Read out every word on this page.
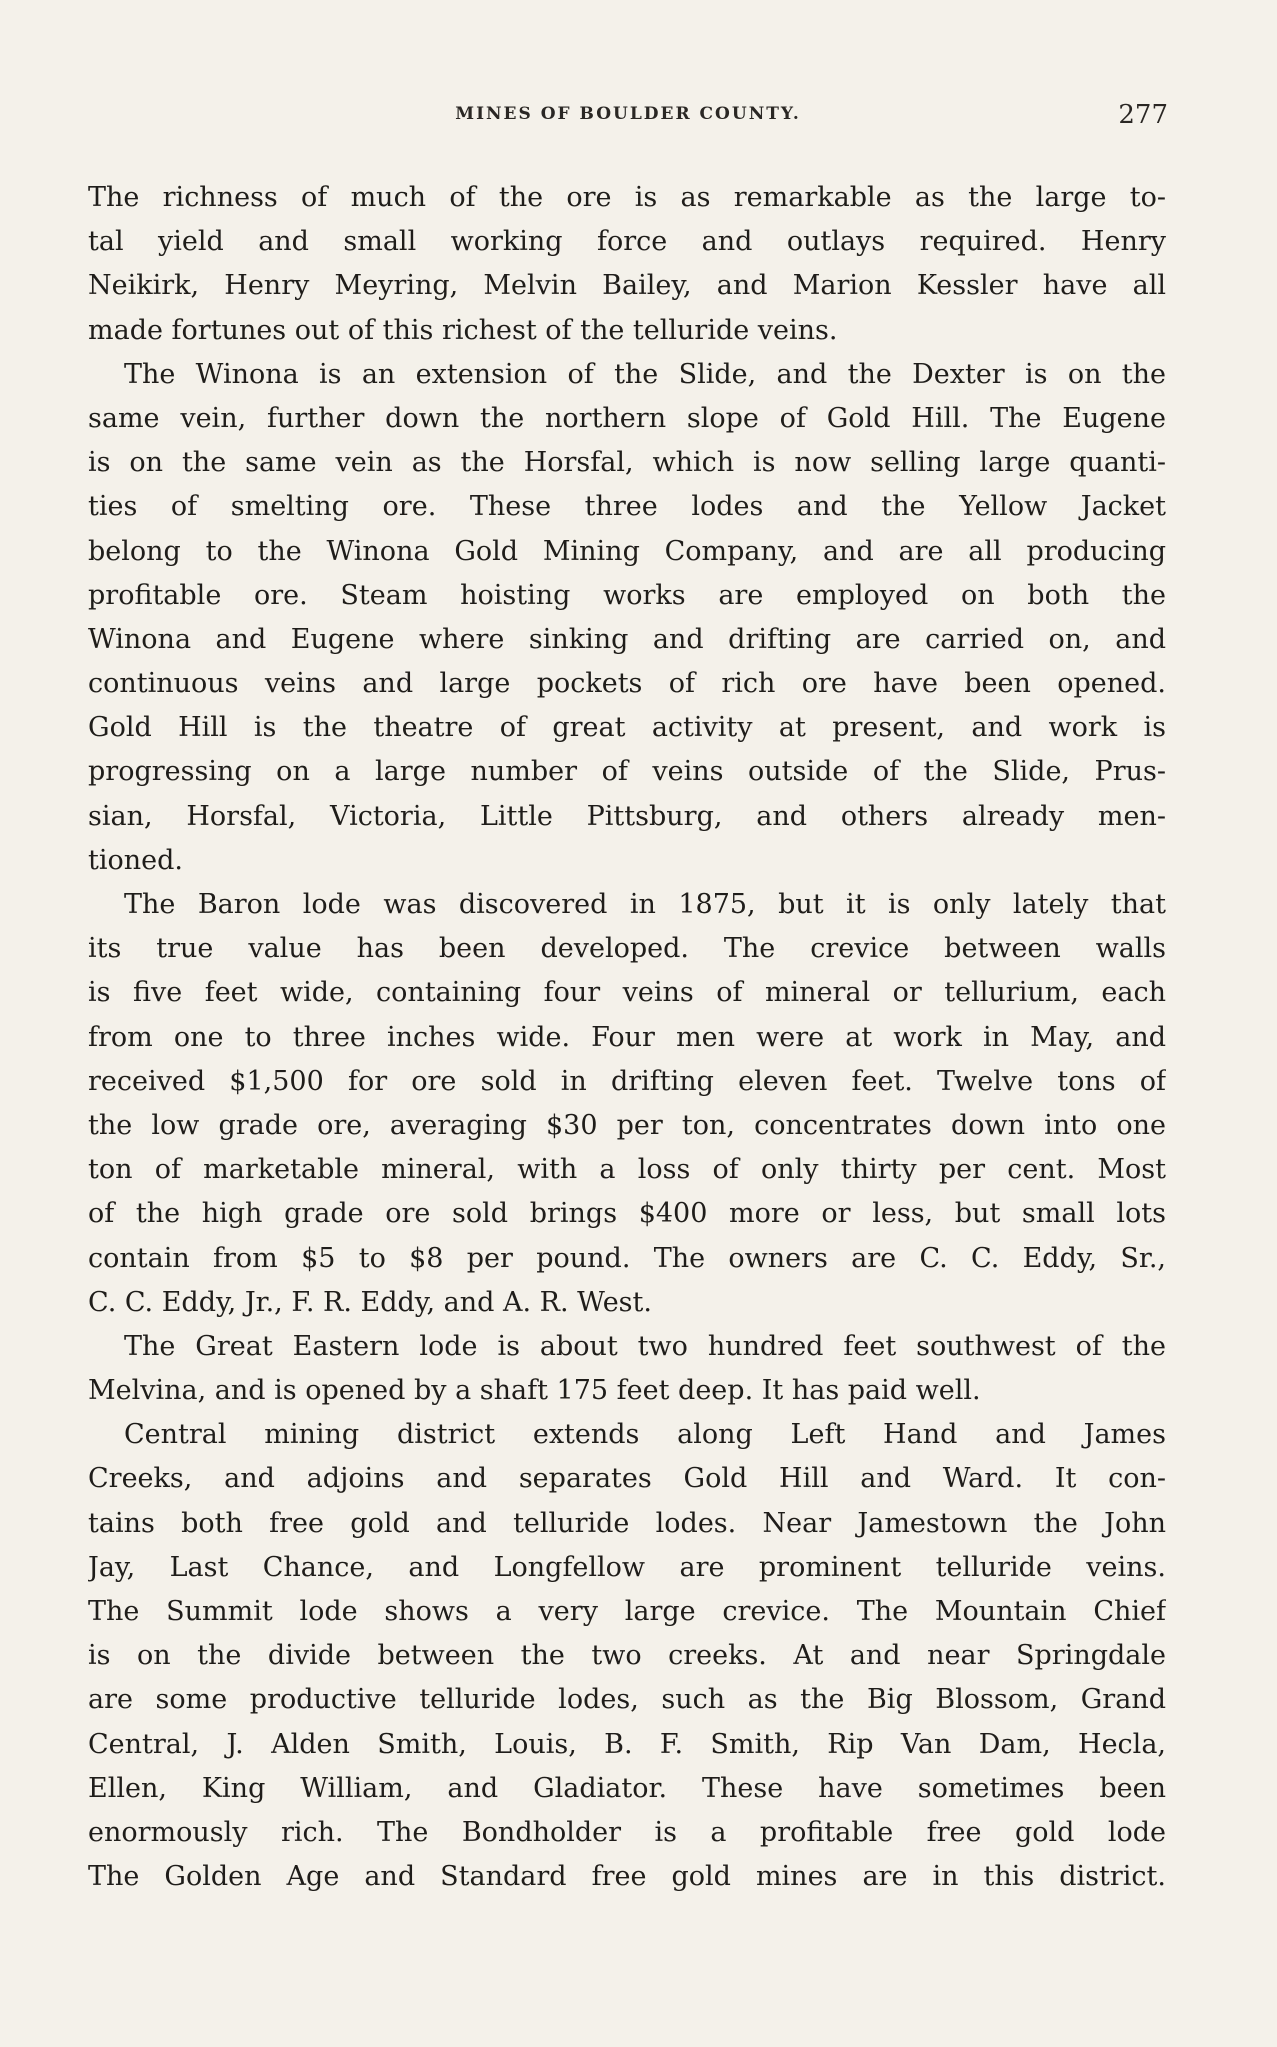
MINES OF BOULDER COUNTY.	277
The richness of much of the ore is as remarkable as the large to-
tal yield and small working force and outlays required. Henry
Neikirk, Henry Meyring, Melvin Bailey, and Marion Kessler have all
made fortunes out of this richest of the telluride veins.
The Winona is an extension of the Slide, and the Dexter is on the
same vein, further down the northern slope of Gold Hill. The Eugene
is on the same vein as the Horsfal, which is now selling large quanti-
ties of smelting ore. These three lodes and the Yellow Jacket
belong to the Winona Gold Mining Company, and are all producing
profitable ore. Steam hoisting works are employed on both the
Winona and Eugene where sinking and drifting are carried on, and
continuous veins and large pockets of rich ore have been opened.
Gold Hill is the theatre of great activity at present, and work is
progressing on a large number of veins outside of the Slide, Prus-
sian, Horsfal, Victoria, Little Pittsburg, and others already men-
tioned.
The Baron lode was discovered in 1875, but it is only lately that
its true value has been developed. The crevice between walls
is five feet wide, containing four veins of mineral or tellurium, each
from one to three inches wide. Four men were at work in May, and
received $1,500 for ore sold in drifting eleven feet. Twelve tons of
the low grade ore, averaging $30 per ton, concentrates down into one
ton of marketable mineral, with a loss of only thirty per cent. Most
of the high grade ore sold brings $400 more or less, but small lots
contain from $5 to $8 per pound. The owners are C. C. Eddy, Sr.,
C. C. Eddy, Jr., F. R. Eddy, and A. R. West.
The Great Eastern lode is about two hundred feet southwest of the
Melvina, and is opened by a shaft 175 feet deep. It has paid well.
Central mining district extends along Left Hand and James
Creeks, and adjoins and separates Gold Hill and Ward. It con-
tains both free gold and telluride lodes. Near Jamestown the John
Jay, Last Chance, and Longfellow are prominent telluride veins.
The Summit lode shows a very large crevice. The Mountain Chief
is on the divide between the two creeks. At and near Springdale
are some productive telluride lodes, such as the Big Blossom, Grand
Central, J. Alden Smith, Louis, B. F. Smith, Rip Van Dam, Hecla,
Ellen, King William, and Gladiator. These have sometimes been
enormously rich. The Bondholder is a profitable free gold lode
The Golden Age and Standard free gold mines are in this district.
